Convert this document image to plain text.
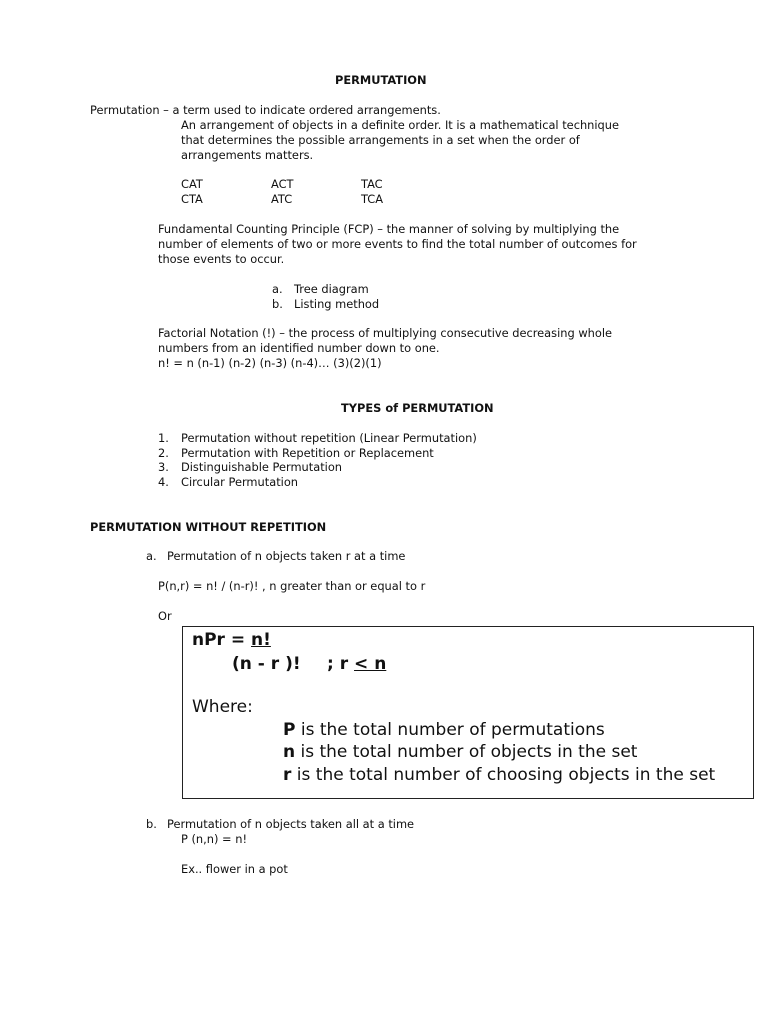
PERMUTATION
Permutation – a term used to indicate ordered arrangements.
An arrangement of objects in a definite order. It is a mathematical technique
that determines the possible arrangements in a set when the order of
arrangements matters.
CAT	ACT	TAC
CTA	ATC	TCA
Fundamental Counting Principle (FCP) – the manner of solving by multiplying the
number of elements of two or more events to find the total number of outcomes for
those events to occur.
a. Tree diagram
b. Listing method
Factorial Notation (!) – the process of multiplying consecutive decreasing whole
numbers from an identified number down to one.
n! = n (n-1) (n-2) (n-3) (n-4)… (3)(2)(1)
TYPES of PERMUTATION
1. Permutation without repetition (Linear Permutation)
2. Permutation with Repetition or Replacement
3. Distinguishable Permutation
4. Circular Permutation
PERMUTATION WITHOUT REPETITION
a. Permutation of n objects taken r at a time
P(n,r) = n! / (n-r)! , n greater than or equal to r
Or
nPr = n!
(n - r )! ; r < n
Where:
P is the total number of permutations
n is the total number of objects in the set
r is the total number of choosing objects in the set
b. Permutation of n objects taken all at a time
P (n,n) = n!
Ex.. flower in a pot
